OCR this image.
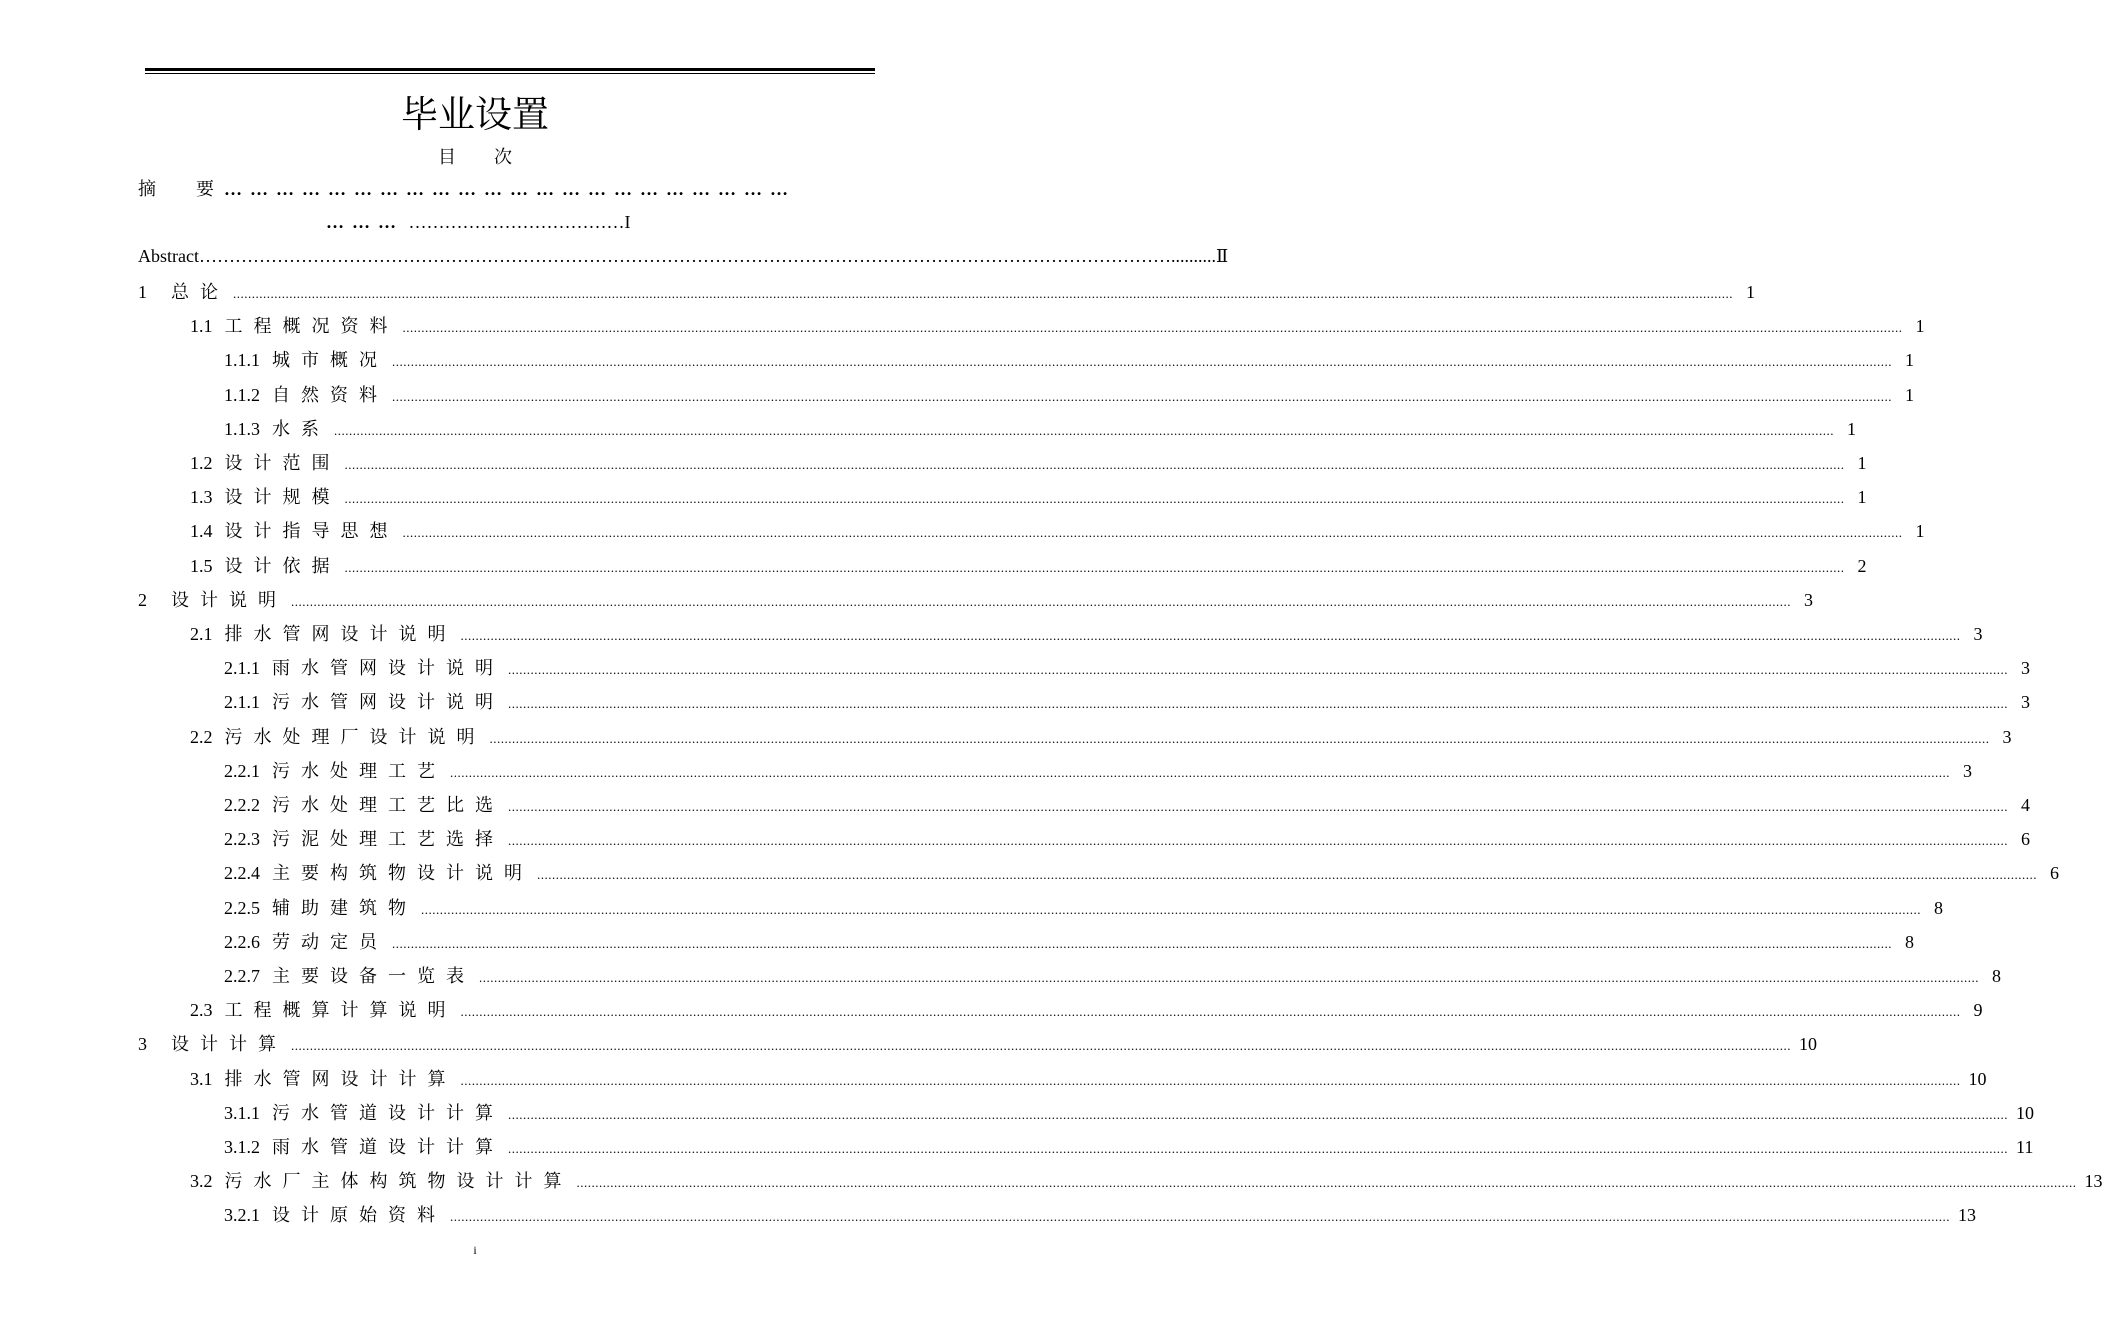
毕业设置
目次
摘要
…………………………………………………………
……… ………………………………I
Abstract ……………………………………………………………………………………………………………………………………………….......... Ⅱ
1 总论 ................................................................................................................................................................................................................................................................................................................................................................................................................ 1
1.1 工程概况资料 ................................................................................................................................................................................................................................................................................................................................................................................................................ 1
1.1.1 城市概况 ................................................................................................................................................................................................................................................................................................................................................................................................................ 1
1.1.2 自然资料 ................................................................................................................................................................................................................................................................................................................................................................................................................ 1
1.1.3 水系 ................................................................................................................................................................................................................................................................................................................................................................................................................ 1
1.2 设计范围 ................................................................................................................................................................................................................................................................................................................................................................................................................ 1
1.3 设计规模 ................................................................................................................................................................................................................................................................................................................................................................................................................ 1
1.4 设计指导思想 ................................................................................................................................................................................................................................................................................................................................................................................................................ 1
1.5 设计依据 ................................................................................................................................................................................................................................................................................................................................................................................................................ 2
2 设计说明 ................................................................................................................................................................................................................................................................................................................................................................................................................ 3
2.1 排水管网设计说明 ................................................................................................................................................................................................................................................................................................................................................................................................................ 3
2.1.1 雨水管网设计说明 ................................................................................................................................................................................................................................................................................................................................................................................................................ 3
2.1.1 污水管网设计说明 ................................................................................................................................................................................................................................................................................................................................................................................................................ 3
2.2 污水处理厂设计说明 ................................................................................................................................................................................................................................................................................................................................................................................................................ 3
2.2.1 污水处理工艺 ................................................................................................................................................................................................................................................................................................................................................................................................................ 3
2.2.2 污水处理工艺比选 ................................................................................................................................................................................................................................................................................................................................................................................................................ 4
2.2.3 污泥处理工艺选择 ................................................................................................................................................................................................................................................................................................................................................................................................................ 6
2.2.4 主要构筑物设计说明 ................................................................................................................................................................................................................................................................................................................................................................................................................ 6
2.2.5 辅助建筑物 ................................................................................................................................................................................................................................................................................................................................................................................................................ 8
2.2.6 劳动定员 ................................................................................................................................................................................................................................................................................................................................................................................................................ 8
2.2.7 主要设备一览表 ................................................................................................................................................................................................................................................................................................................................................................................................................ 8
2.3 工程概算计算说明 ................................................................................................................................................................................................................................................................................................................................................................................................................ 9
3 设计计算 ................................................................................................................................................................................................................................................................................................................................................................................................................ 10
3.1 排水管网设计计算 ................................................................................................................................................................................................................................................................................................................................................................................................................ 10
3.1.1 污水管道设计计算 ................................................................................................................................................................................................................................................................................................................................................................................................................ 10
3.1.2 雨水管道设计计算 ................................................................................................................................................................................................................................................................................................................................................................................................................ 11
3.2 污水厂主体构筑物设计计算 ................................................................................................................................................................................................................................................................................................................................................................................................................ 13
3.2.1 设计原始资料 ................................................................................................................................................................................................................................................................................................................................................................................................................ 13
i
